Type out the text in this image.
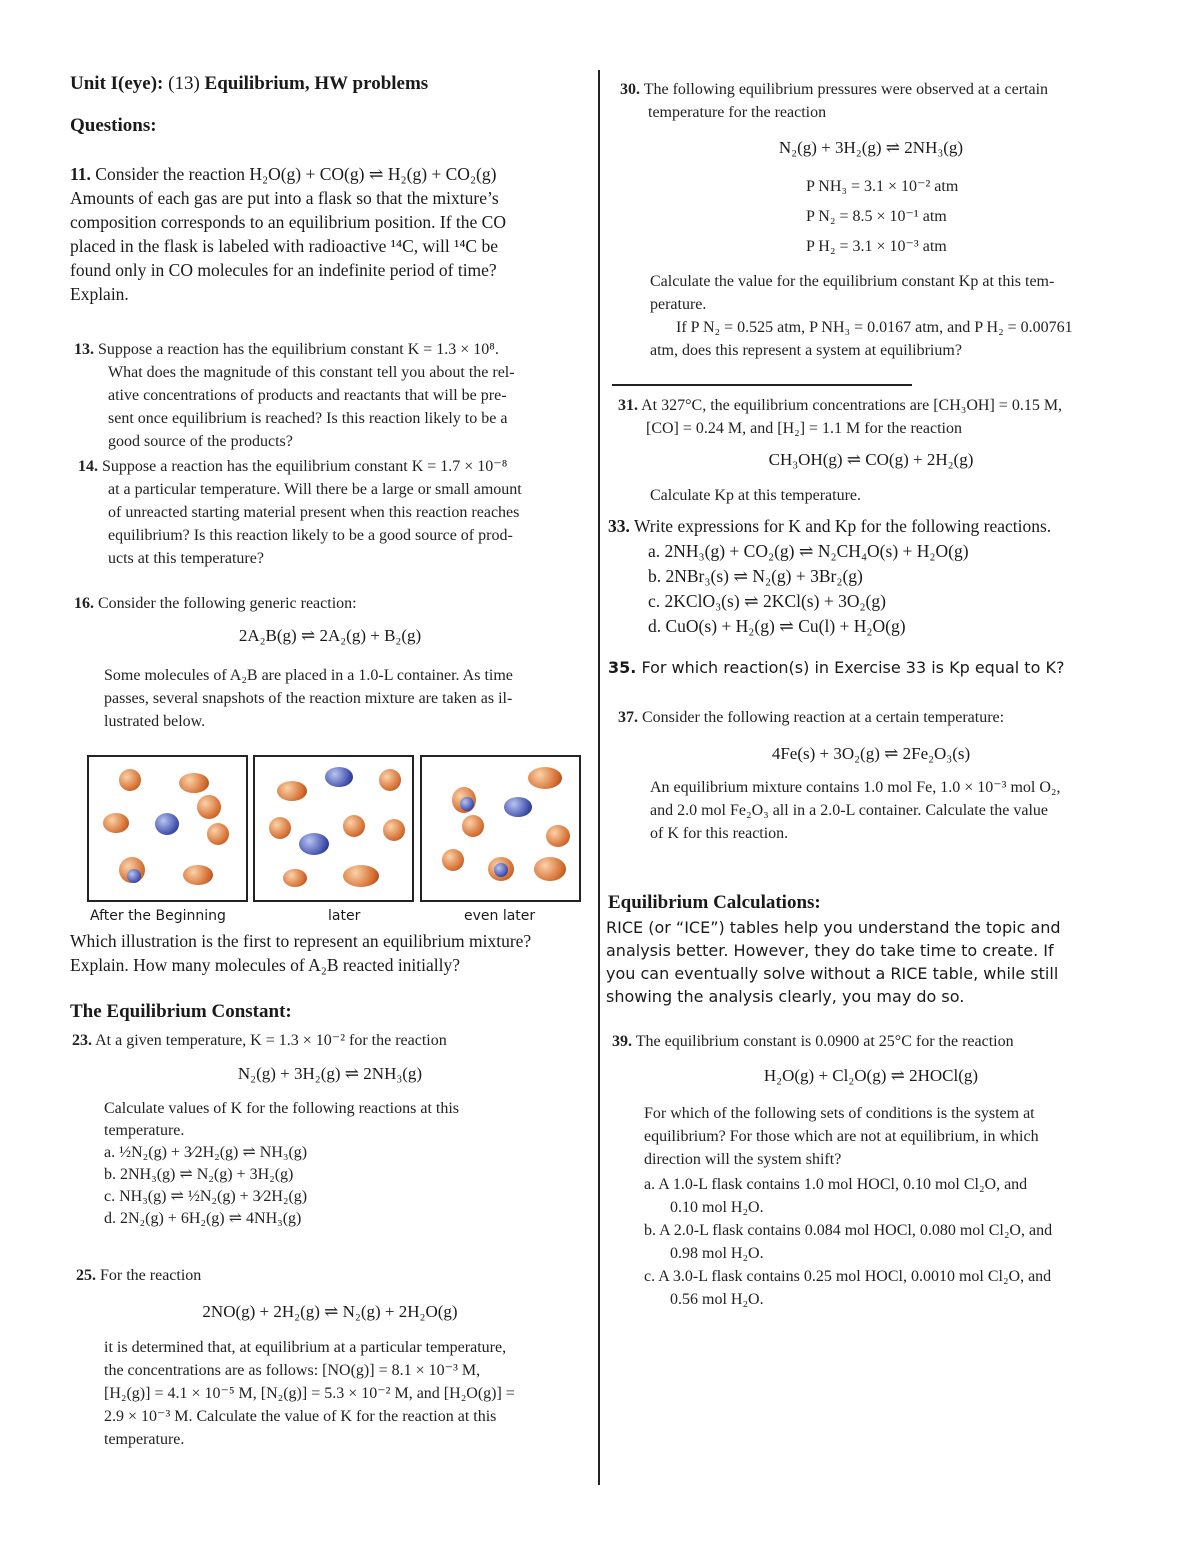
Unit I(eye): (13) Equilibrium, HW problems
Questions:
11. Consider the reaction H₂O(g) + CO(g) ⇌ H₂(g) + CO₂(g)
Amounts of each gas are put into a flask so that the mixture’s
composition corresponds to an equilibrium position. If the CO
placed in the flask is labeled with radioactive ¹⁴C, will ¹⁴C be
found only in CO molecules for an indefinite period of time?
Explain.
13. Suppose a reaction has the equilibrium constant K = 1.3 × 10⁸.
What does the magnitude of this constant tell you about the rel-
ative concentrations of products and reactants that will be pre-
sent once equilibrium is reached? Is this reaction likely to be a
good source of the products?
14. Suppose a reaction has the equilibrium constant K = 1.7 × 10⁻⁸
at a particular temperature. Will there be a large or small amount
of unreacted starting material present when this reaction reaches
equilibrium? Is this reaction likely to be a good source of prod-
ucts at this temperature?
16. Consider the following generic reaction:
2A₂B(g) ⇌ 2A₂(g) + B₂(g)
Some molecules of A₂B are placed in a 1.0-L container. As time
passes, several snapshots of the reaction mixture are taken as il-
lustrated below.
After the Beginning	later	even later
Which illustration is the first to represent an equilibrium mixture?
Explain. How many molecules of A₂B reacted initially?
The Equilibrium Constant:
23. At a given temperature, K = 1.3 × 10⁻² for the reaction
N₂(g) + 3H₂(g) ⇌ 2NH₃(g)
Calculate values of K for the following reactions at this
temperature.
a. ½N₂(g) + 3⁄2H₂(g) ⇌ NH₃(g)
b. 2NH₃(g) ⇌ N₂(g) + 3H₂(g)
c. NH₃(g) ⇌ ½N₂(g) + 3⁄2H₂(g)
d. 2N₂(g) + 6H₂(g) ⇌ 4NH₃(g)
25. For the reaction
2NO(g) + 2H₂(g) ⇌ N₂(g) + 2H₂O(g)
it is determined that, at equilibrium at a particular temperature,
the concentrations are as follows: [NO(g)] = 8.1 × 10⁻³ M,
[H₂(g)] = 4.1 × 10⁻⁵ M, [N₂(g)] = 5.3 × 10⁻² M, and [H₂O(g)] =
2.9 × 10⁻³ M. Calculate the value of K for the reaction at this
temperature.
30. The following equilibrium pressures were observed at a certain
temperature for the reaction
N₂(g) + 3H₂(g) ⇌ 2NH₃(g)
P NH₃ = 3.1 × 10⁻² atm
P N₂ = 8.5 × 10⁻¹ atm
P H₂ = 3.1 × 10⁻³ atm
Calculate the value for the equilibrium constant Kp at this tem-
perature.
If P N₂ = 0.525 atm, P NH₃ = 0.0167 atm, and P H₂ = 0.00761
atm, does this represent a system at equilibrium?
31. At 327°C, the equilibrium concentrations are [CH₃OH] = 0.15 M,
[CO] = 0.24 M, and [H₂] = 1.1 M for the reaction
CH₃OH(g) ⇌ CO(g) + 2H₂(g)
Calculate Kp at this temperature.
33. Write expressions for K and Kp for the following reactions.
a. 2NH₃(g) + CO₂(g) ⇌ N₂CH₄O(s) + H₂O(g)
b. 2NBr₃(s) ⇌ N₂(g) + 3Br₂(g)
c. 2KClO₃(s) ⇌ 2KCl(s) + 3O₂(g)
d. CuO(s) + H₂(g) ⇌ Cu(l) + H₂O(g)
35. For which reaction(s) in Exercise 33 is Kp equal to K?
37. Consider the following reaction at a certain temperature:
4Fe(s) + 3O₂(g) ⇌ 2Fe₂O₃(s)
An equilibrium mixture contains 1.0 mol Fe, 1.0 × 10⁻³ mol O₂,
and 2.0 mol Fe₂O₃ all in a 2.0-L container. Calculate the value
of K for this reaction.
Equilibrium Calculations:
RICE (or “ICE”) tables help you understand the topic and
analysis better. However, they do take time to create. If
you can eventually solve without a RICE table, while still
showing the analysis clearly, you may do so.
39. The equilibrium constant is 0.0900 at 25°C for the reaction
H₂O(g) + Cl₂O(g) ⇌ 2HOCl(g)
For which of the following sets of conditions is the system at
equilibrium? For those which are not at equilibrium, in which
direction will the system shift?
a. A 1.0-L flask contains 1.0 mol HOCl, 0.10 mol Cl₂O, and
0.10 mol H₂O.
b. A 2.0-L flask contains 0.084 mol HOCl, 0.080 mol Cl₂O, and
0.98 mol H₂O.
c. A 3.0-L flask contains 0.25 mol HOCl, 0.0010 mol Cl₂O, and
0.56 mol H₂O.
